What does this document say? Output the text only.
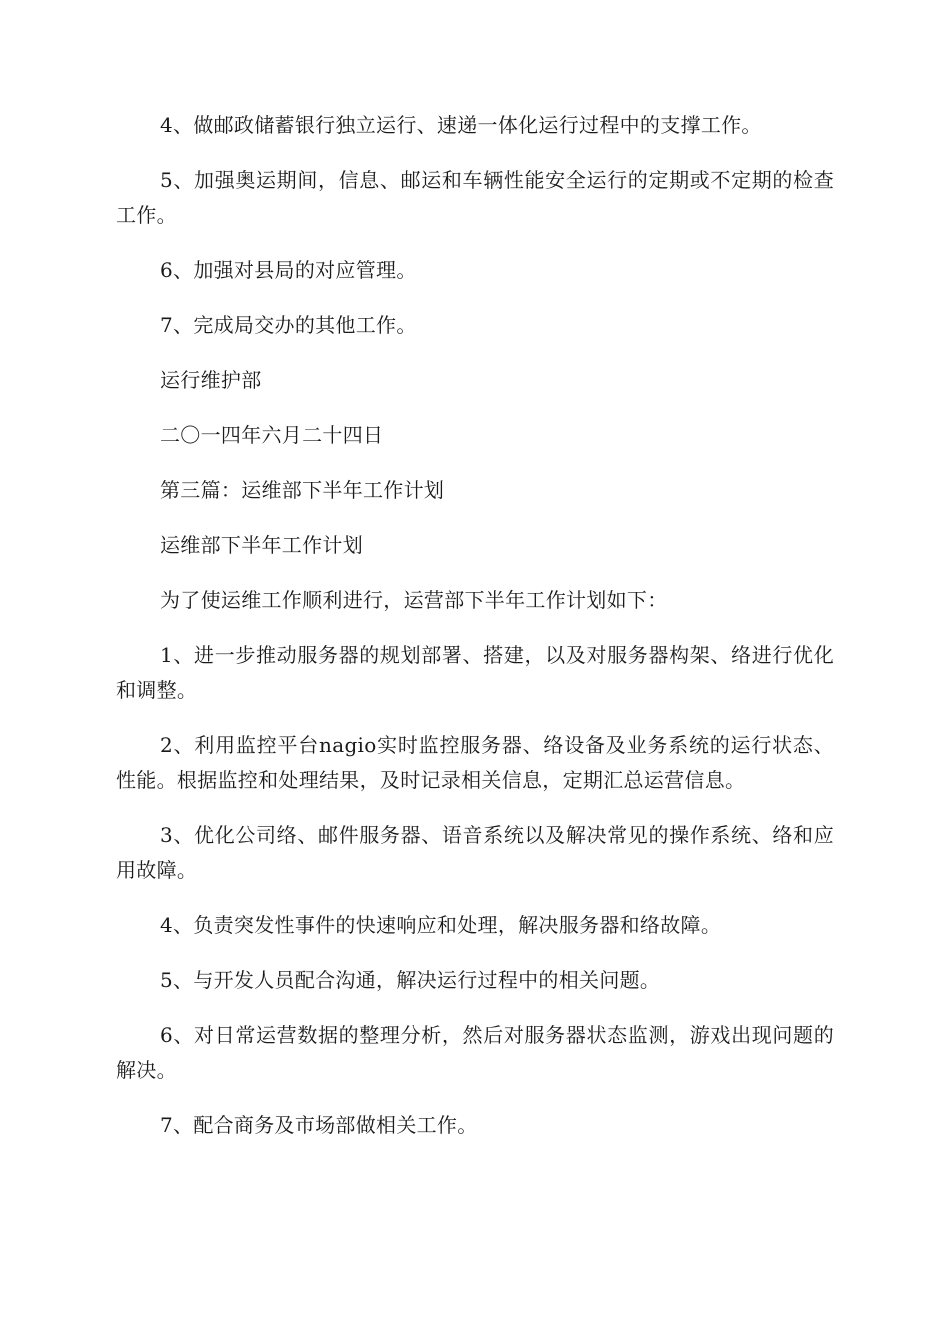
4、做邮政储蓄银行独立运行、速递一体化运行过程中的支撑工作。

5、加强奥运期间，信息、邮运和车辆性能安全运行的定期或不定期的检查工作。

6、加强对县局的对应管理。

7、完成局交办的其他工作。

运行维护部

二〇一四年六月二十四日

第三篇：运维部下半年工作计划

运维部下半年工作计划

为了使运维工作顺利进行，运营部下半年工作计划如下：

1、进一步推动服务器的规划部署、搭建，以及对服务器构架、络进行优化和调整。

2、利用监控平台nagio实时监控服务器、络设备及业务系统的运行状态、性能。根据监控和处理结果，及时记录相关信息，定期汇总运营信息。

3、优化公司络、邮件服务器、语音系统以及解决常见的操作系统、络和应用故障。

4、负责突发性事件的快速响应和处理，解决服务器和络故障。

5、与开发人员配合沟通，解决运行过程中的相关问题。

6、对日常运营数据的整理分析，然后对服务器状态监测，游戏出现问题的解决。

7、配合商务及市场部做相关工作。
